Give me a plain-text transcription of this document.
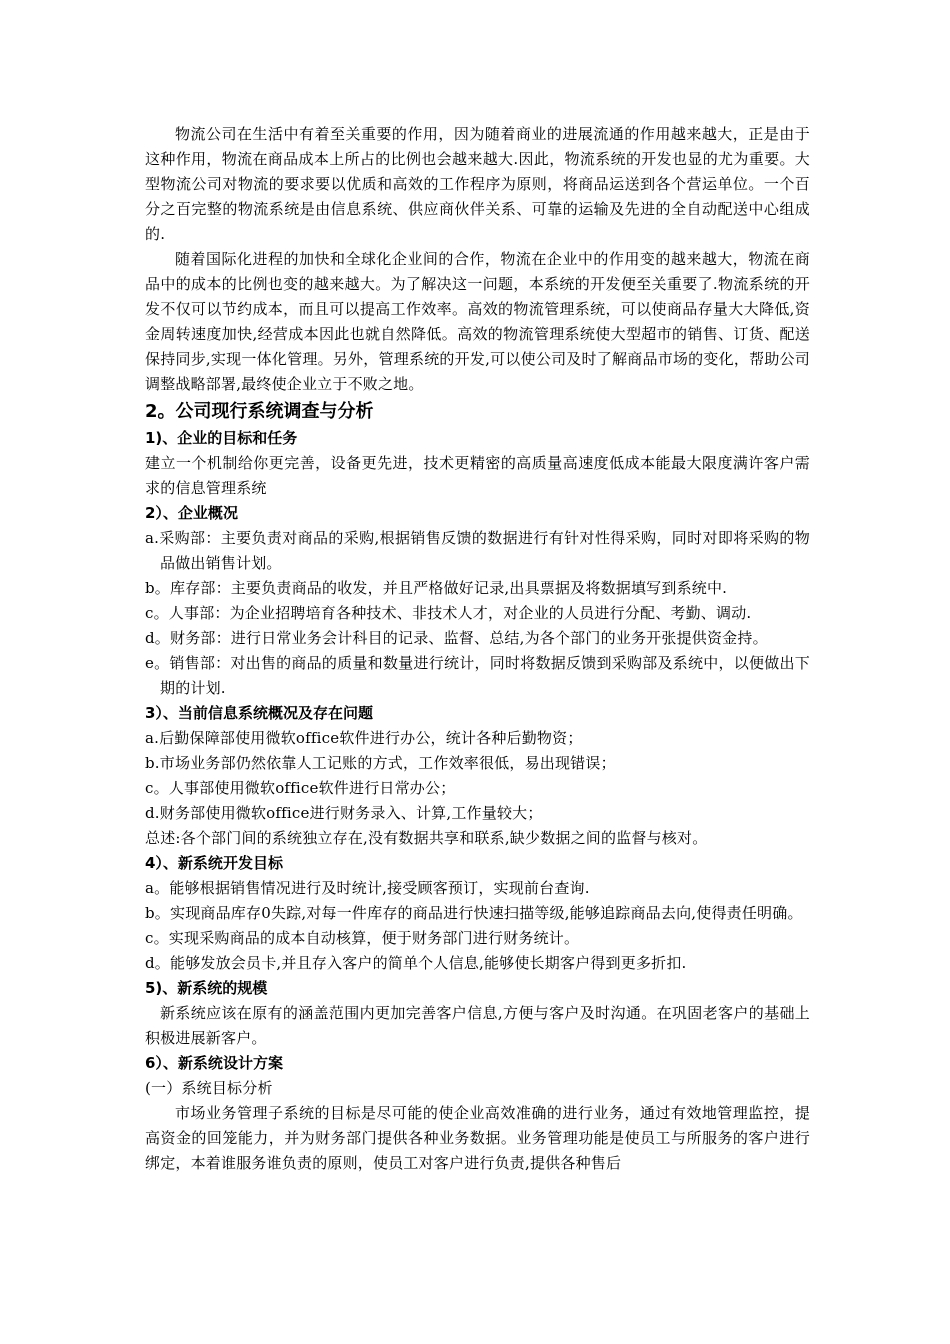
物流公司在生活中有着至关重要的作用，因为随着商业的进展流通的作用越来越大，正是由于这种作用，物流在商品成本上所占的比例也会越来越大.因此，物流系统的开发也显的尤为重要。大型物流公司对物流的要求要以优质和高效的工作程序为原则，将商品运送到各个营运单位。一个百分之百完整的物流系统是由信息系统、供应商伙伴关系、可靠的运输及先进的全自动配送中心组成的.

随着国际化进程的加快和全球化企业间的合作，物流在企业中的作用变的越来越大，物流在商品中的成本的比例也变的越来越大。为了解决这一问题，本系统的开发便至关重要了.物流系统的开发不仅可以节约成本，而且可以提高工作效率。高效的物流管理系统，可以使商品存量大大降低,资金周转速度加快,经营成本因此也就自然降低。高效的物流管理系统使大型超市的销售、订货、配送保持同步,实现一体化管理。另外，管理系统的开发,可以使公司及时了解商品市场的变化，帮助公司调整战略部署,最终使企业立于不败之地。

2。公司现行系统调查与分析
1)、企业的目标和任务

建立一个机制给你更完善，设备更先进，技术更精密的高质量高速度低成本能最大限度满许客户需求的信息管理系统

2）、企业概况

a.采购部：主要负责对商品的采购,根据销售反馈的数据进行有针对性得采购，同时对即将采购的物品做出销售计划。

b。库存部：主要负责商品的收发，并且严格做好记录,出具票据及将数据填写到系统中.

c。人事部：为企业招聘培育各种技术、非技术人才，对企业的人员进行分配、考勤、调动.

d。财务部：进行日常业务会计科目的记录、监督、总结,为各个部门的业务开张提供资金持。

e。销售部：对出售的商品的质量和数量进行统计，同时将数据反馈到采购部及系统中，以便做出下期的计划.

3）、当前信息系统概况及存在问题

a.后勤保障部使用微软office软件进行办公，统计各种后勤物资；

b.市场业务部仍然依靠人工记账的方式，工作效率很低，易出现错误；

c。人事部使用微软office软件进行日常办公；

d.财务部使用微软office进行财务录入、计算,工作量较大；

总述:各个部门间的系统独立存在,没有数据共享和联系,缺少数据之间的监督与核对。

4）、新系统开发目标

a。能够根据销售情况进行及时统计,接受顾客预订，实现前台查询.

b。实现商品库存0失踪,对每一件库存的商品进行快速扫描等级,能够追踪商品去向,使得责任明确。

c。实现采购商品的成本自动核算，便于财务部门进行财务统计。

d。能够发放会员卡,并且存入客户的简单个人信息,能够使长期客户得到更多折扣.

5)、新系统的规模

新系统应该在原有的涵盖范围内更加完善客户信息,方便与客户及时沟通。在巩固老客户的基础上积极进展新客户。

6）、新系统设计方案

(一）系统目标分析

市场业务管理子系统的目标是尽可能的使企业高效准确的进行业务，通过有效地管理监控，提高资金的回笼能力，并为财务部门提供各种业务数据。业务管理功能是使员工与所服务的客户进行绑定，本着谁服务谁负责的原则，使员工对客户进行负责,提供各种售后
